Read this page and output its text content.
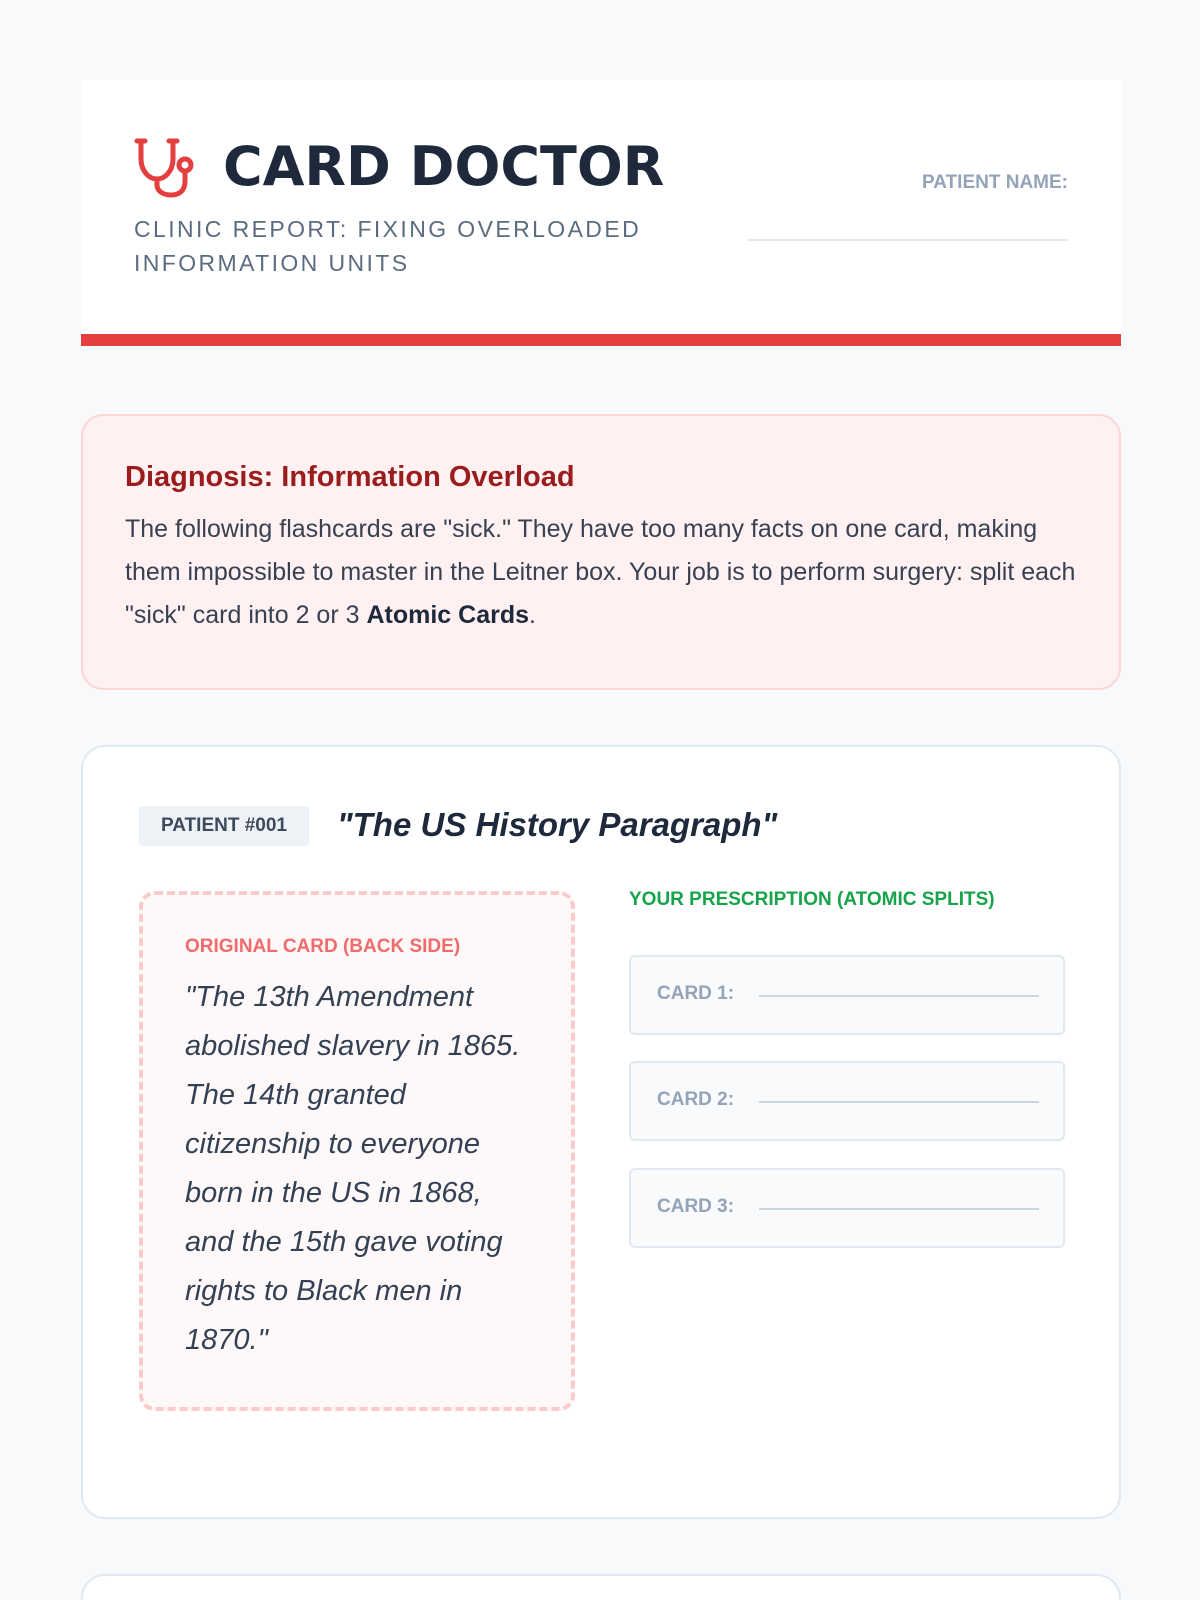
CARD DOCTOR
CLINIC REPORT: FIXING OVERLOADED INFORMATION UNITS
PATIENT NAME:
Diagnosis: Information Overload
The following flashcards are "sick." They have too many facts on one card, making them impossible to master in the Leitner box. Your job is to perform surgery: split each "sick" card into 2 or 3 Atomic Cards.
PATIENT #001	"The US History Paragraph"
ORIGINAL CARD (BACK SIDE)
"The 13th Amendment abolished slavery in 1865. The 14th granted citizenship to everyone born in the US in 1868, and the 15th gave voting rights to Black men in 1870."
YOUR PRESCRIPTION (ATOMIC SPLITS)
CARD 1:
CARD 2:
CARD 3:
